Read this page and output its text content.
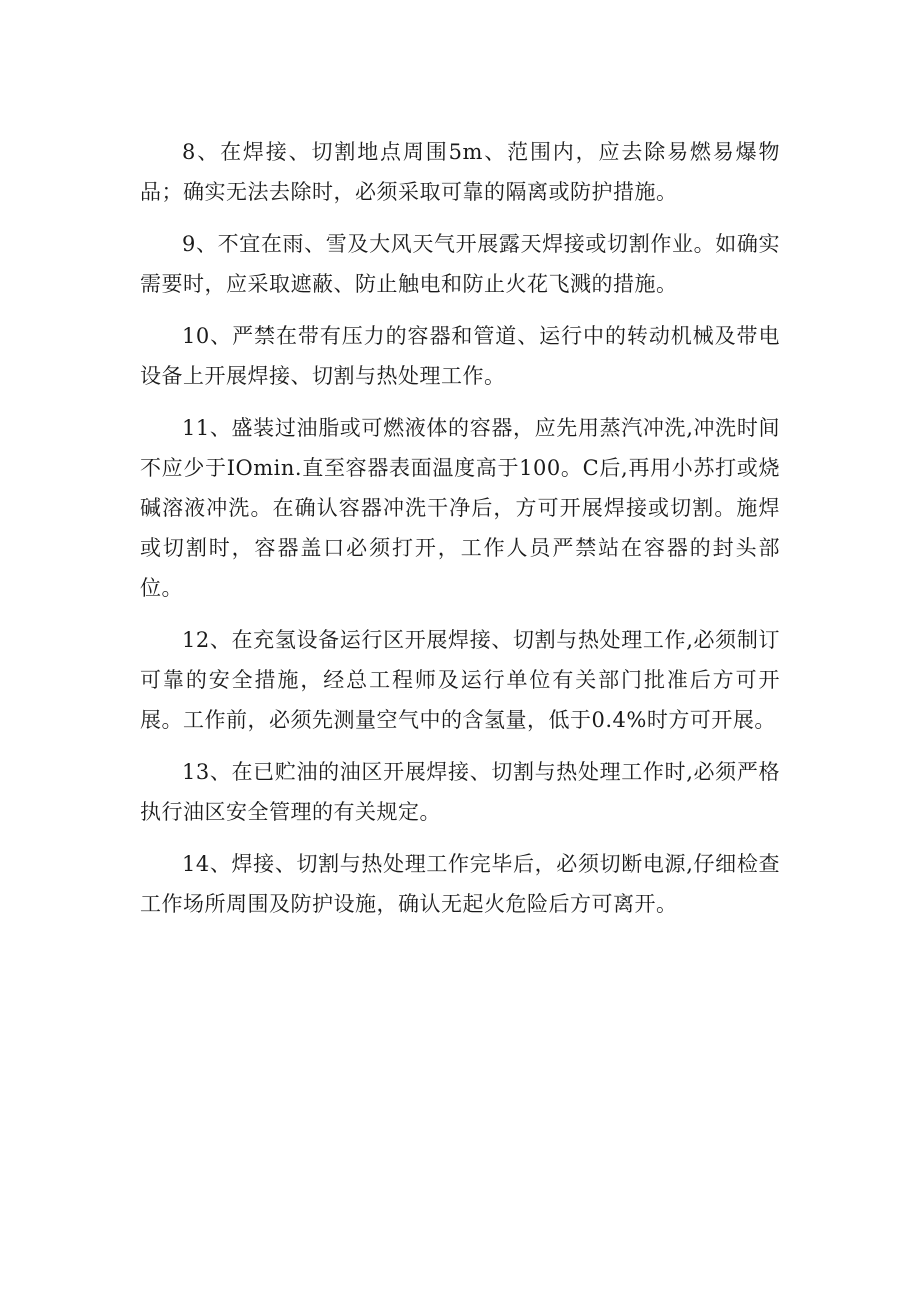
8、在焊接、切割地点周围5m、范围内，应去除易燃易爆物品；确实无法去除时，必须采取可靠的隔离或防护措施。

9、不宜在雨、雪及大风天气开展露天焊接或切割作业。如确实需要时，应采取遮蔽、防止触电和防止火花飞溅的措施。

10、严禁在带有压力的容器和管道、运行中的转动机械及带电设备上开展焊接、切割与热处理工作。

11、盛装过油脂或可燃液体的容器，应先用蒸汽冲洗,冲洗时间不应少于IOmin.直至容器表面温度高于100。C后,再用小苏打或烧碱溶液冲洗。在确认容器冲洗干净后，方可开展焊接或切割。施焊或切割时，容器盖口必须打开，工作人员严禁站在容器的封头部位。

12、在充氢设备运行区开展焊接、切割与热处理工作,必须制订可靠的安全措施，经总工程师及运行单位有关部门批准后方可开展。工作前，必须先测量空气中的含氢量，低于0.4%时方可开展。

13、在已贮油的油区开展焊接、切割与热处理工作时,必须严格执行油区安全管理的有关规定。

14、焊接、切割与热处理工作完毕后，必须切断电源,仔细检查工作场所周围及防护设施，确认无起火危险后方可离开。
